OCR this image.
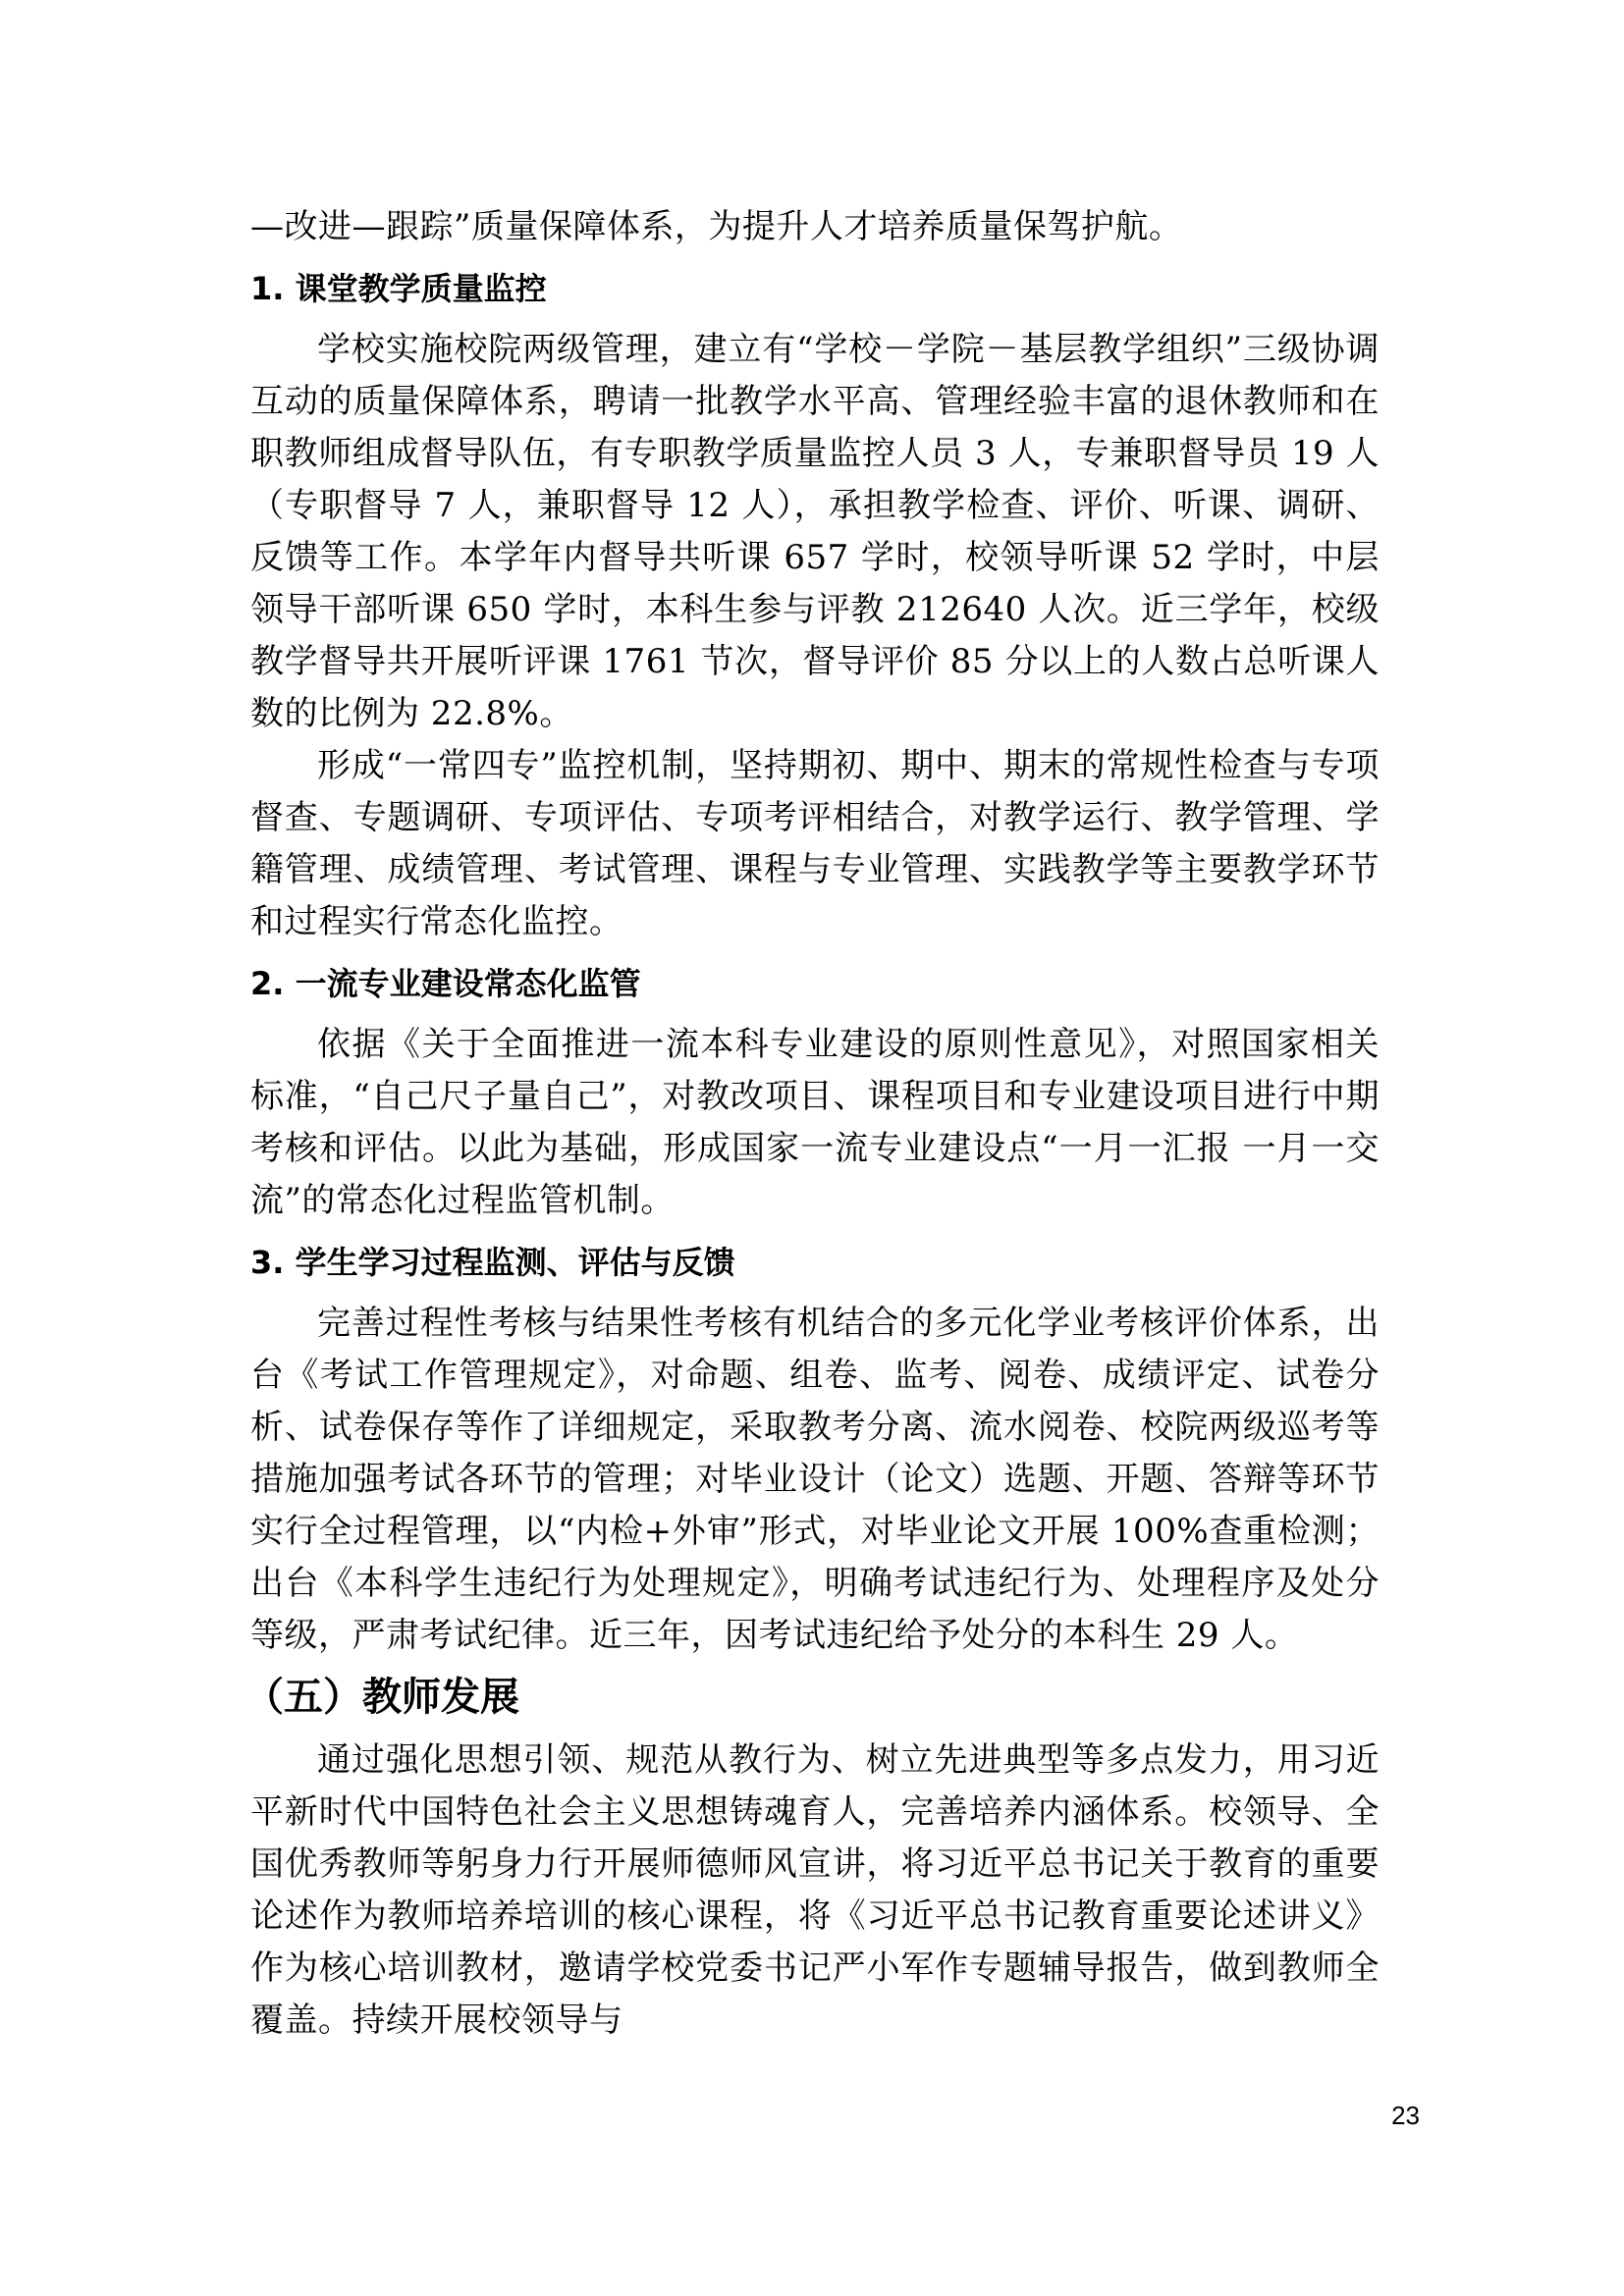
—改进—跟踪”质量保障体系，为提升人才培养质量保驾护航。

1. 课堂教学质量监控

学校实施校院两级管理，建立有“学校－学院－基层教学组织”三级协调互动的质量保障体系，聘请一批教学水平高、管理经验丰富的退休教师和在职教师组成督导队伍，有专职教学质量监控人员 3 人，专兼职督导员 19 人（专职督导 7 人，兼职督导 12 人），承担教学检查、评价、听课、调研、反馈等工作。本学年内督导共听课 657 学时，校领导听课 52 学时，中层领导干部听课 650 学时，本科生参与评教 212640 人次。近三学年，校级教学督导共开展听评课 1761 节次，督导评价 85 分以上的人数占总听课人数的比例为 22.8%。

形成“一常四专”监控机制，坚持期初、期中、期末的常规性检查与专项督查、专题调研、专项评估、专项考评相结合，对教学运行、教学管理、学籍管理、成绩管理、考试管理、课程与专业管理、实践教学等主要教学环节和过程实行常态化监控。

2. 一流专业建设常态化监管

依据《关于全面推进一流本科专业建设的原则性意见》，对照国家相关标准，“自己尺子量自己”，对教改项目、课程项目和专业建设项目进行中期考核和评估。以此为基础，形成国家一流专业建设点“一月一汇报 一月一交流”的常态化过程监管机制。

3. 学生学习过程监测、评估与反馈

完善过程性考核与结果性考核有机结合的多元化学业考核评价体系，出台《考试工作管理规定》，对命题、组卷、监考、阅卷、成绩评定、试卷分析、试卷保存等作了详细规定，采取教考分离、流水阅卷、校院两级巡考等措施加强考试各环节的管理；对毕业设计（论文）选题、开题、答辩等环节实行全过程管理，以“内检+外审”形式，对毕业论文开展 100%查重检测；出台《本科学生违纪行为处理规定》，明确考试违纪行为、处理程序及处分等级，严肃考试纪律。近三年，因考试违纪给予处分的本科生 29 人。

（五）教师发展

通过强化思想引领、规范从教行为、树立先进典型等多点发力，用习近平新时代中国特色社会主义思想铸魂育人，完善培养内涵体系。校领导、全国优秀教师等躬身力行开展师德师风宣讲，将习近平总书记关于教育的重要论述作为教师培养培训的核心课程，将《习近平总书记教育重要论述讲义》作为核心培训教材，邀请学校党委书记严小军作专题辅导报告，做到教师全覆盖。持续开展校领导与

23
